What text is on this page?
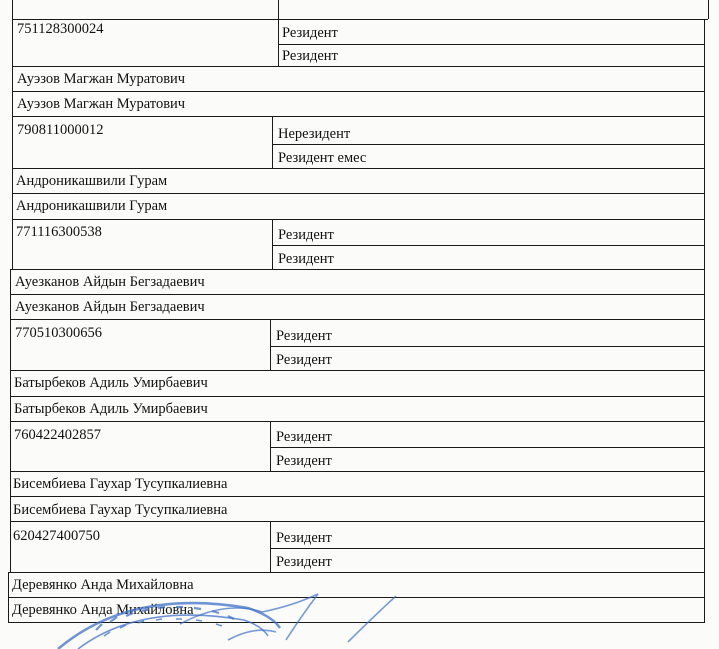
751128300024	Резидент
Резидент
Ауэзов Магжан Муратович
Ауэзов Магжан Муратович
790811000012	Нерезидент
Резидент емес
Андроникашвили Гурам
Андроникашвили Гурам
771116300538	Резидент
Резидент
Ауезканов Айдын Бегзадаевич
Ауезканов Айдын Бегзадаевич
770510300656	Резидент
Резидент
Батырбеков Адиль Умирбаевич
Батырбеков Адиль Умирбаевич
760422402857	Резидент
Резидент
Бисембиева Гаухар Тусупкалиевна
Бисембиева Гаухар Тусупкалиевна
620427400750	Резидент
Резидент
Деревянко Анда Михайловна
Деревянко Анда Михайловна
